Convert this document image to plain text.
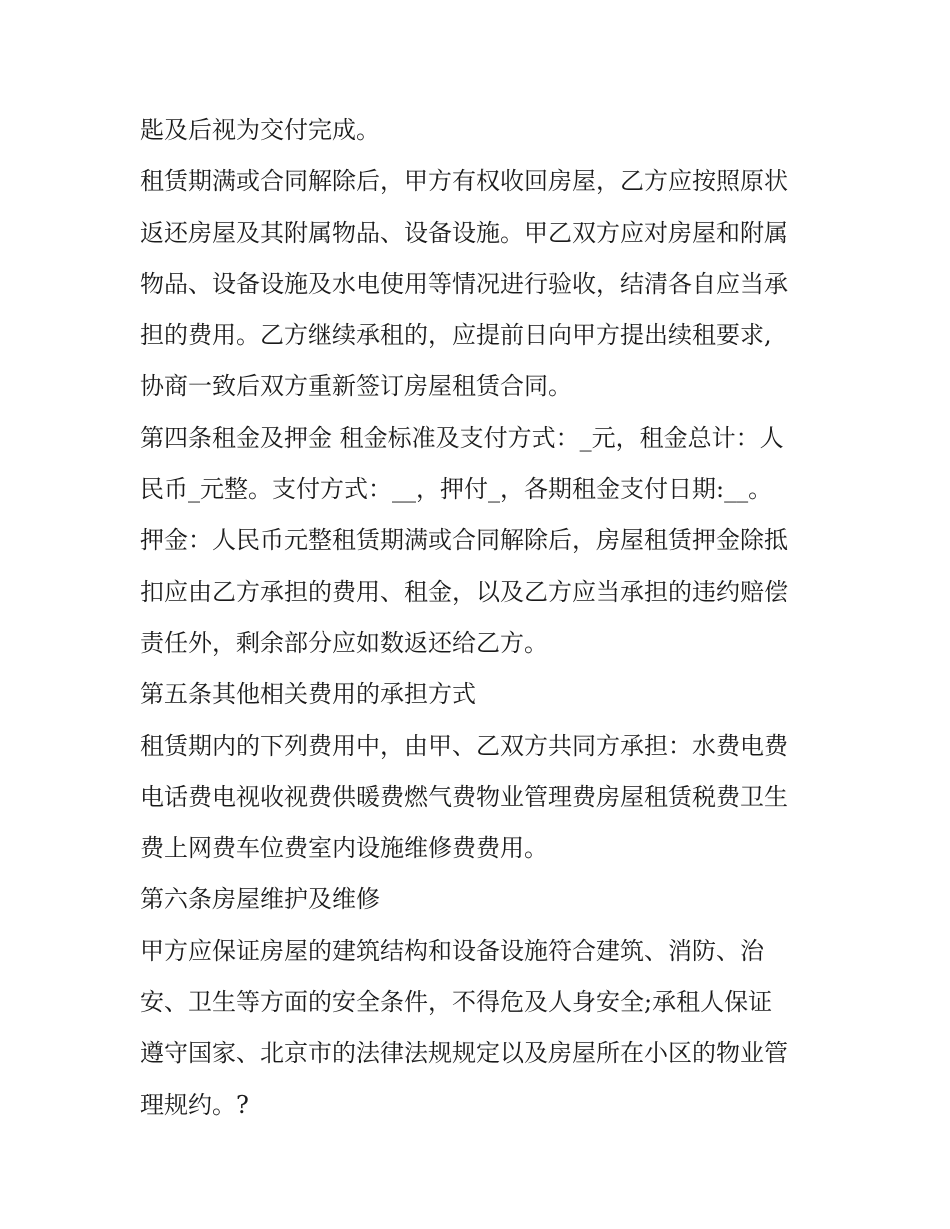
匙及后视为交付完成。
租赁期满或合同解除后，甲方有权收回房屋，乙方应按照原状
返还房屋及其附属物品、设备设施。甲乙双方应对房屋和附属
物品、设备设施及水电使用等情况进行验收，结清各自应当承
担的费用。乙方继续承租的，应提前日向甲方提出续租要求,
协商一致后双方重新签订房屋租赁合同。
第四条租金及押金 租金标准及支付方式：_元，租金总计：人
民币_元整。支付方式：__，押付_，各期租金支付日期:__。
押金：人民币元整租赁期满或合同解除后，房屋租赁押金除抵
扣应由乙方承担的费用、租金，以及乙方应当承担的违约赔偿
责任外，剩余部分应如数返还给乙方。
第五条其他相关费用的承担方式
租赁期内的下列费用中，由甲、乙双方共同方承担：水费电费
电话费电视收视费供暖费燃气费物业管理费房屋租赁税费卫生
费上网费车位费室内设施维修费费用。
第六条房屋维护及维修
甲方应保证房屋的建筑结构和设备设施符合建筑、消防、治
安、卫生等方面的安全条件，不得危及人身安全;承租人保证
遵守国家、北京市的法律法规规定以及房屋所在小区的物业管
理规约。?
